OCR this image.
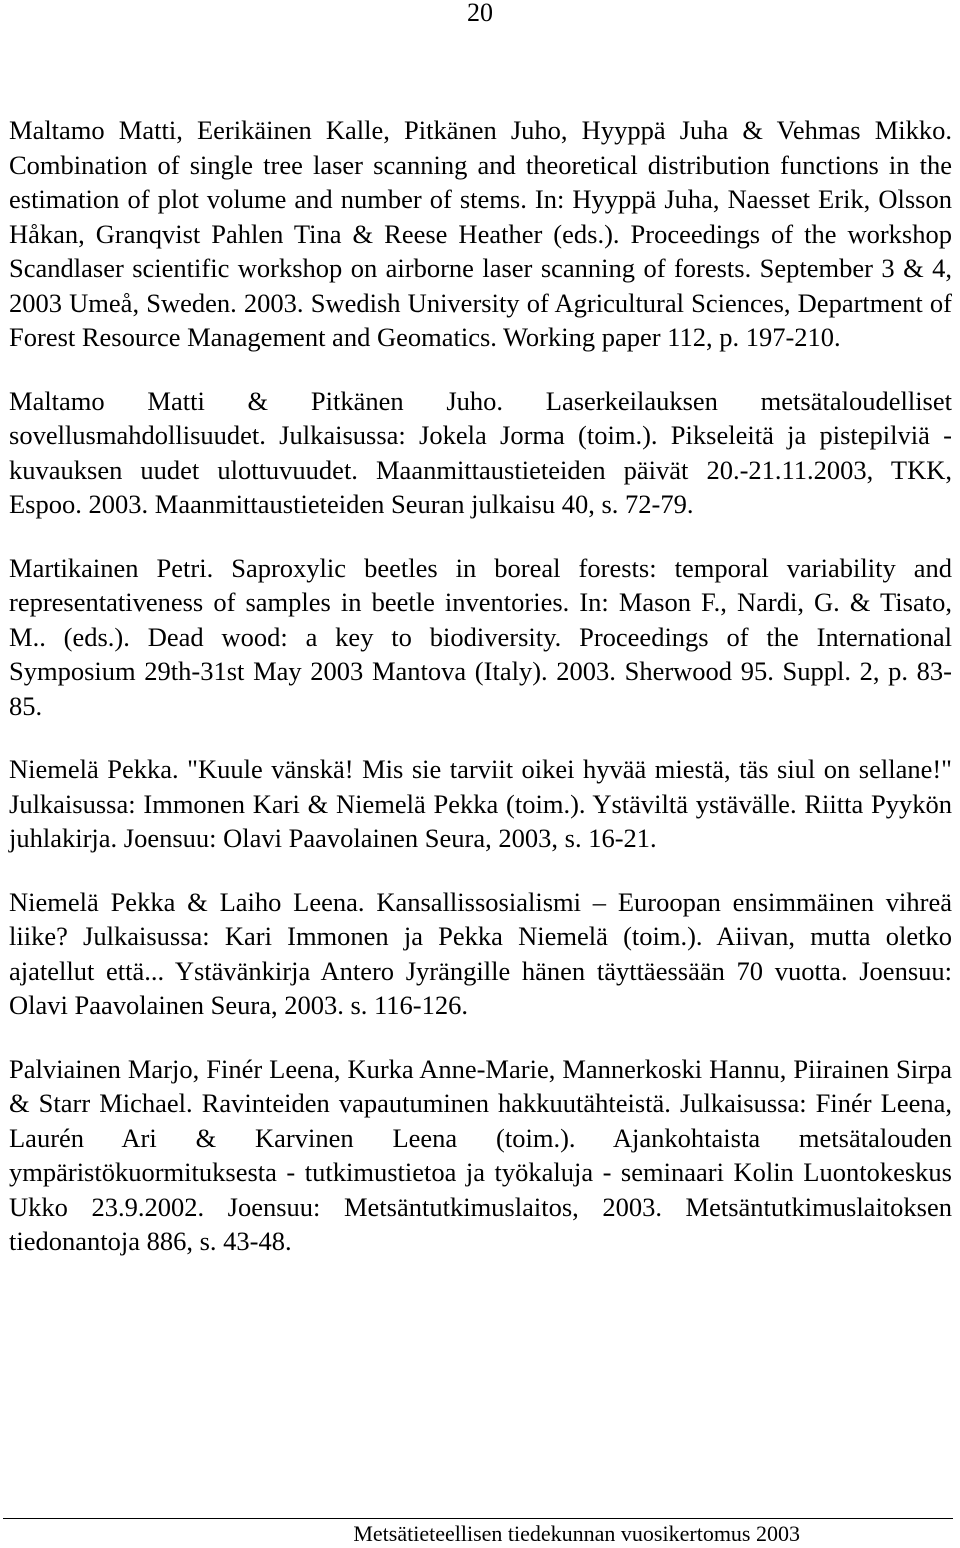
20

Maltamo Matti, Eerikäinen Kalle, Pitkänen Juho, Hyyppä Juha & Vehmas Mikko. Combination of single tree laser scanning and theoretical distribution functions in the estimation of plot volume and number of stems. In: Hyyppä Juha, Naesset Erik, Olsson Håkan, Granqvist Pahlen Tina & Reese Heather (eds.). Proceedings of the workshop Scandlaser scientific workshop on airborne laser scanning of forests. September 3 & 4, 2003 Umeå, Sweden. 2003. Swedish University of Agricultural Sciences, Department of Forest Resource Management and Geomatics. Working paper 112, p. 197-210.

Maltamo Matti & Pitkänen Juho. Laserkeilauksen metsätaloudelliset sovellusmahdollisuudet. Julkaisussa: Jokela Jorma (toim.). Pikseleitä ja pistepilviä - kuvauksen uudet ulottuvuudet. Maanmittaustieteiden päivät 20.-21.11.2003, TKK, Espoo. 2003. Maanmittaustieteiden Seuran julkaisu 40, s. 72-79.

Martikainen Petri. Saproxylic beetles in boreal forests: temporal variability and representativeness of samples in beetle inventories. In: Mason F., Nardi, G. & Tisato, M.. (eds.). Dead wood: a key to biodiversity. Proceedings of the International Symposium 29th-31st May 2003 Mantova (Italy). 2003. Sherwood 95. Suppl. 2, p. 83-85.

Niemelä Pekka. "Kuule vänskä! Mis sie tarviit oikei hyvää miestä, täs siul on sellane!" Julkaisussa: Immonen Kari & Niemelä Pekka (toim.). Ystäviltä ystävälle. Riitta Pyykön juhlakirja. Joensuu: Olavi Paavolainen Seura, 2003, s. 16-21.

Niemelä Pekka & Laiho Leena. Kansallissosialismi – Euroopan ensimmäinen vihreä liike? Julkaisussa: Kari Immonen ja Pekka Niemelä (toim.). Aiivan, mutta oletko ajatellut että... Ystävänkirja Antero Jyrängille hänen täyttäessään 70 vuotta. Joensuu: Olavi Paavolainen Seura, 2003. s. 116-126.

Palviainen Marjo, Finér Leena, Kurka Anne-Marie, Mannerkoski Hannu, Piirainen Sirpa & Starr Michael. Ravinteiden vapautuminen hakkuutähteistä. Julkaisussa: Finér Leena, Laurén Ari & Karvinen Leena (toim.). Ajankohtaista metsätalouden ympäristökuormituksesta - tutkimustietoa ja työkaluja - seminaari Kolin Luontokeskus Ukko 23.9.2002. Joensuu: Metsäntutkimuslaitos, 2003. Metsäntutkimuslaitoksen tiedonantoja 886, s. 43-48.

Metsätieteellisen tiedekunnan vuosikertomus 2003
